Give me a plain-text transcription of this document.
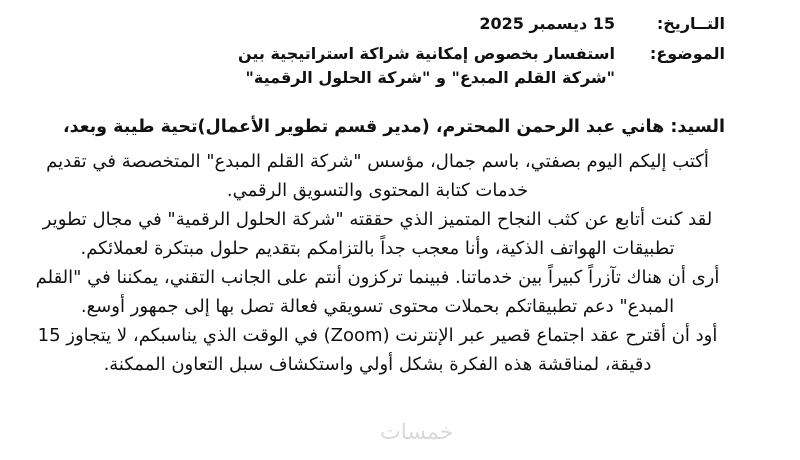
التــاريخ:
15 ديسمبر 2025
الموضوع:
استفسار بخصوص إمكانية شراكة استراتيجية بين
"شركة القلم المبدع" و "شركة الحلول الرقمية"
السيد: هاني عبد الرحمن المحترم، (مدير قسم تطوير الأعمال)تحية طيبة وبعد،

أكتب إليكم اليوم بصفتي، باسم جمال، مؤسس "شركة القلم المبدع" المتخصصة في تقديم خدمات كتابة المحتوى والتسويق الرقمي.

لقد كنت أتابع عن كثب النجاح المتميز الذي حققته "شركة الحلول الرقمية" في مجال تطوير تطبيقات الهواتف الذكية، وأنا معجب جداً بالتزامكم بتقديم حلول مبتكرة لعملائكم.

أرى أن هناك تآزراً كبيراً بين خدماتنا. فبينما تركزون أنتم على الجانب التقني، يمكننا في "القلم المبدع" دعم تطبيقاتكم بحملات محتوى تسويقي فعالة تصل بها إلى جمهور أوسع.

أود أن أقترح عقد اجتماع قصير عبر الإنترنت (Zoom) في الوقت الذي يناسبكم، لا يتجاوز 15 دقيقة، لمناقشة هذه الفكرة بشكل أولي واستكشاف سبل التعاون الممكنة.

خمسات
